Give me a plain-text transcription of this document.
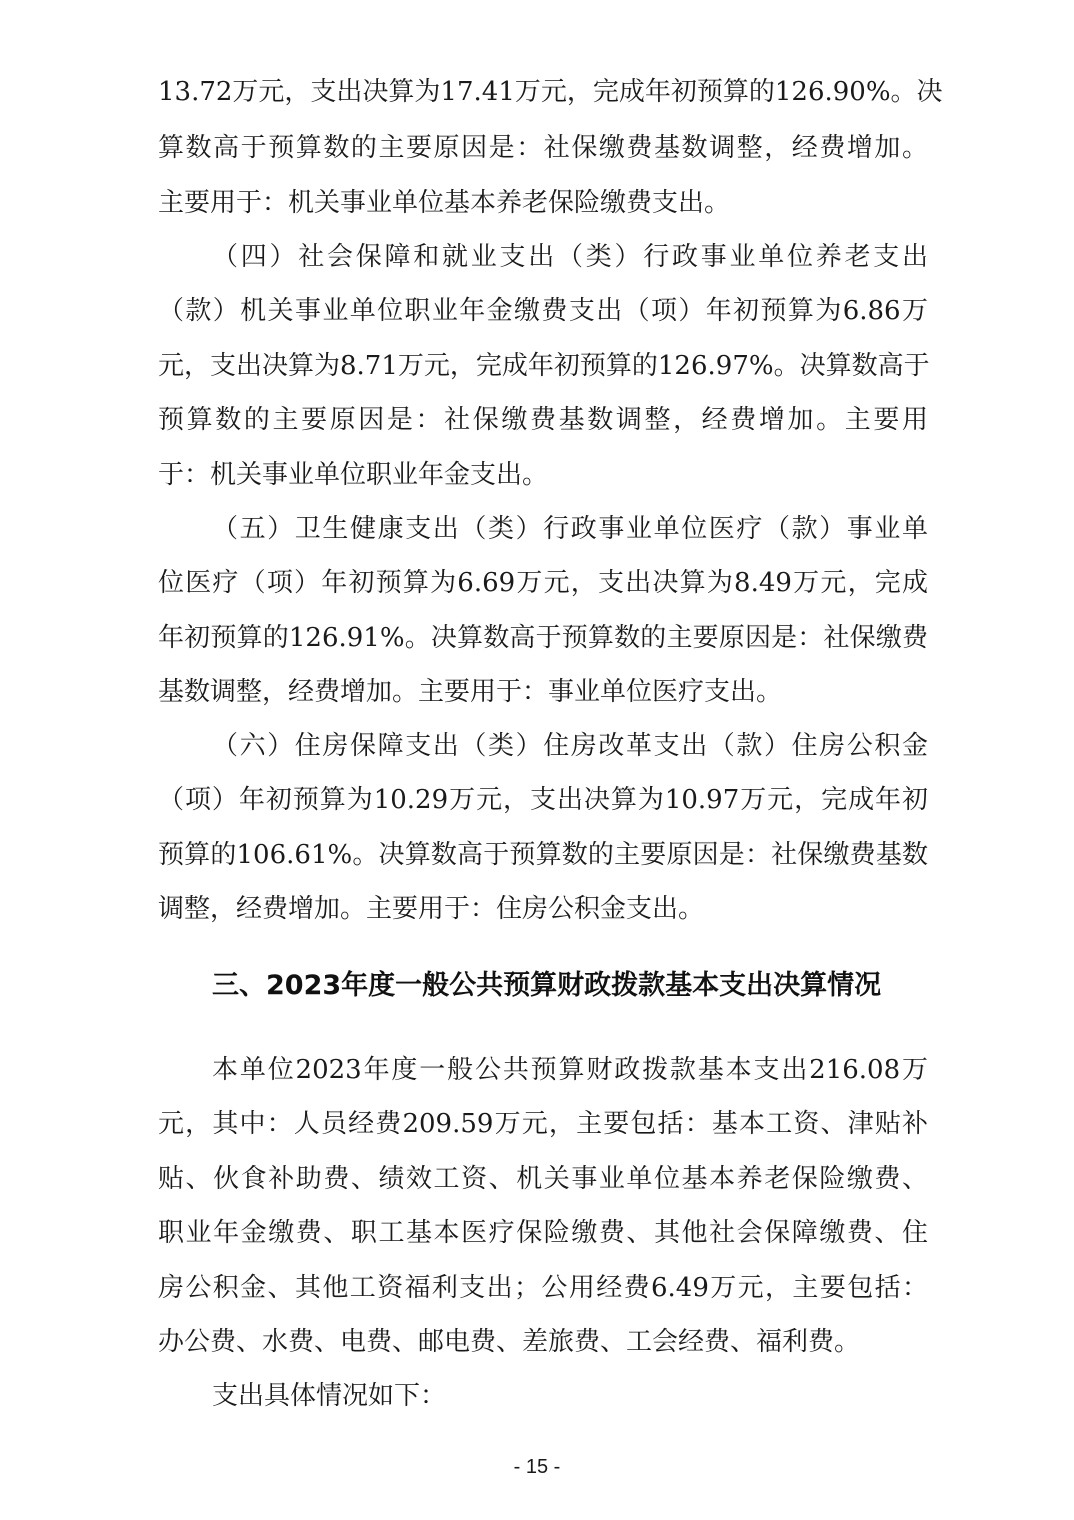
13.72万元，支出决算为17.41万元，完成年初预算的126.90%。决
算数高于预算数的主要原因是：社保缴费基数调整，经费增加。
主要用于：机关事业单位基本养老保险缴费支出。
（四）社会保障和就业支出（类）行政事业单位养老支出
（款）机关事业单位职业年金缴费支出（项）年初预算为6.86万
元，支出决算为8.71万元，完成年初预算的126.97%。决算数高于
预算数的主要原因是：社保缴费基数调整，经费增加。主要用
于：机关事业单位职业年金支出。
（五）卫生健康支出（类）行政事业单位医疗（款）事业单
位医疗（项）年初预算为6.69万元，支出决算为8.49万元，完成
年初预算的126.91%。决算数高于预算数的主要原因是：社保缴费
基数调整，经费增加。主要用于：事业单位医疗支出。
（六）住房保障支出（类）住房改革支出（款）住房公积金
（项）年初预算为10.29万元，支出决算为10.97万元，完成年初
预算的106.61%。决算数高于预算数的主要原因是：社保缴费基数
调整，经费增加。主要用于：住房公积金支出。
三、2023年度一般公共预算财政拨款基本支出决算情况
本单位2023年度一般公共预算财政拨款基本支出216.08万
元，其中：人员经费209.59万元，主要包括：基本工资、津贴补
贴、伙食补助费、绩效工资、机关事业单位基本养老保险缴费、
职业年金缴费、职工基本医疗保险缴费、其他社会保障缴费、住
房公积金、其他工资福利支出；公用经费6.49万元，主要包括：
办公费、水费、电费、邮电费、差旅费、工会经费、福利费。
支出具体情况如下：
- 15 -
